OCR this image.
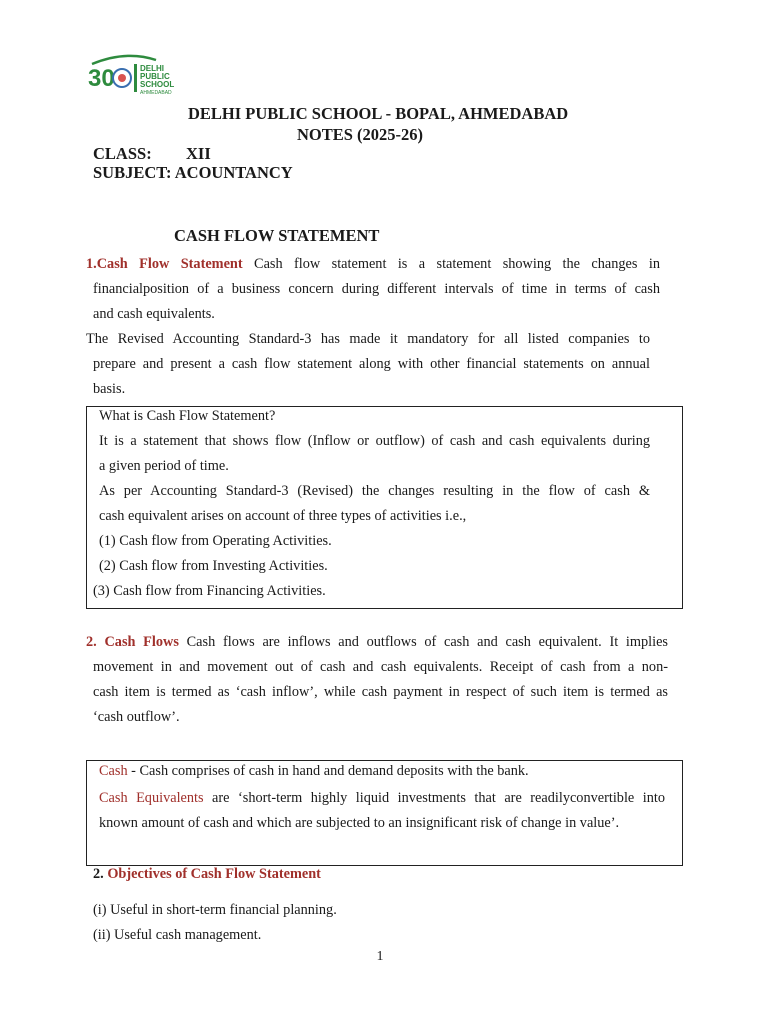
30	DELHI
PUBLIC
SCHOOL
AHMEDABAD
DELHI PUBLIC SCHOOL - BOPAL, AHMEDABAD
NOTES (2025-26)
CLASS: XII
SUBJECT: ACOUNTANCY
CASH FLOW STATEMENT
1.Cash Flow Statement Cash flow statement is a statement showing the changes in
financialposition of a business concern during different intervals of time in terms of cash
and cash equivalents.
The Revised Accounting Standard-3 has made it mandatory for all listed companies to
prepare and present a cash flow statement along with other financial statements on annual
basis.
What is Cash Flow Statement?
It is a statement that shows flow (Inflow or outflow) of cash and cash equivalents during
a given period of time.
As per Accounting Standard-3 (Revised) the changes resulting in the flow of cash &
cash equivalent arises on account of three types of activities i.e.,
(1) Cash flow from Operating Activities.
(2) Cash flow from Investing Activities.
(3) Cash flow from Financing Activities.
2. Cash Flows Cash flows are inflows and outflows of cash and cash equivalent. It implies
movement in and movement out of cash and cash equivalents. Receipt of cash from a non-
cash item is termed as ‘cash inflow’, while cash payment in respect of such item is termed as
‘cash outflow’.
Cash - Cash comprises of cash in hand and demand deposits with the bank.
Cash Equivalents are ‘short-term highly liquid investments that are readilyconvertible into
known amount of cash and which are subjected to an insignificant risk of change in value’.
2. Objectives of Cash Flow Statement
(i) Useful in short-term financial planning.
(ii) Useful cash management.
1
